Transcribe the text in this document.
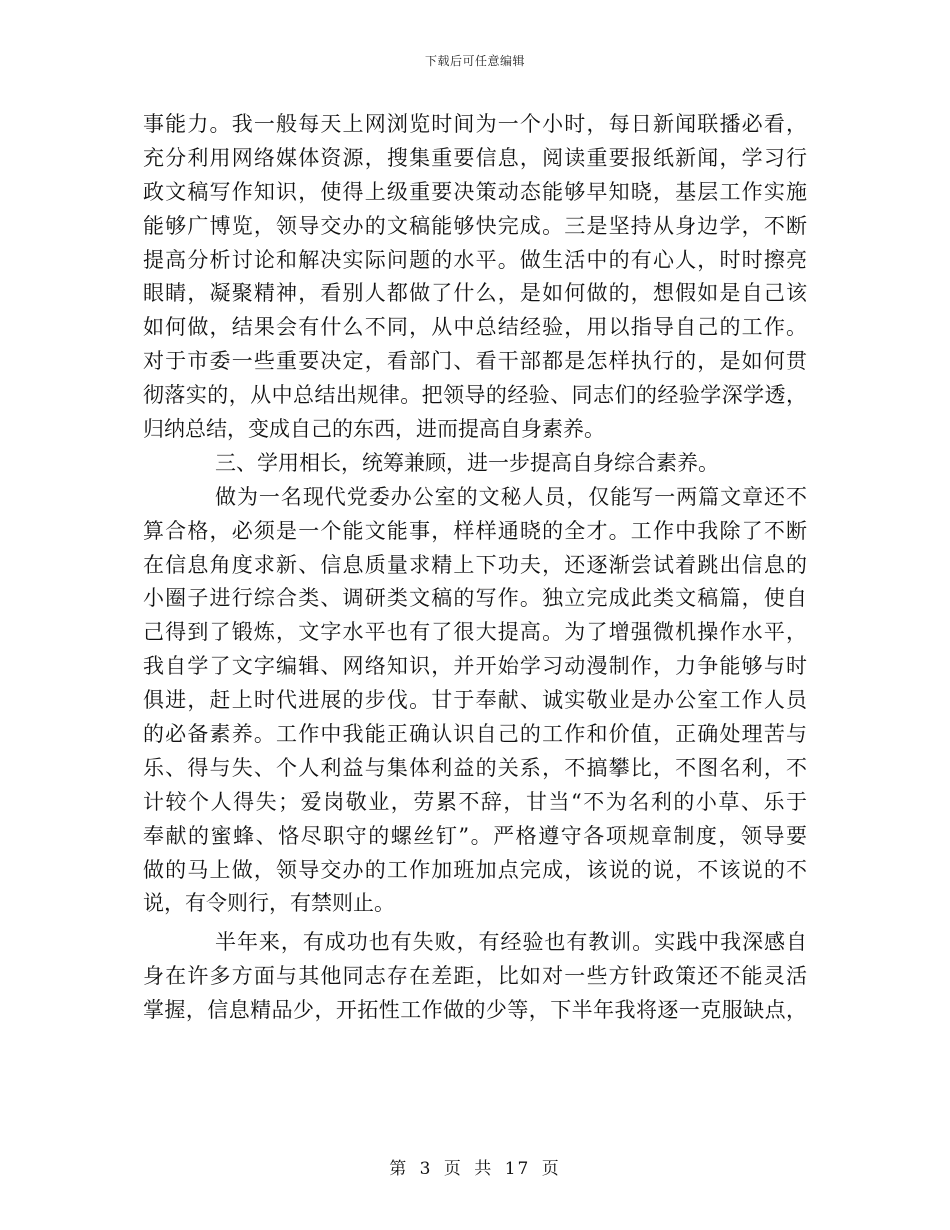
下载后可任意编辑
事能力。我一般每天上网浏览时间为一个小时，每日新闻联播必看，
充分利用网络媒体资源，搜集重要信息，阅读重要报纸新闻，学习行
政文稿写作知识，使得上级重要决策动态能够早知晓，基层工作实施
能够广博览，领导交办的文稿能够快完成。三是坚持从身边学，不断
提高分析讨论和解决实际问题的水平。做生活中的有心人，时时擦亮
眼睛，凝聚精神，看别人都做了什么，是如何做的，想假如是自己该
如何做，结果会有什么不同，从中总结经验，用以指导自己的工作。
对于市委一些重要决定，看部门、看干部都是怎样执行的，是如何贯
彻落实的，从中总结出规律。把领导的经验、同志们的经验学深学透，
归纳总结，变成自己的东西，进而提高自身素养。
三、学用相长，统筹兼顾，进一步提高自身综合素养。
做为一名现代党委办公室的文秘人员，仅能写一两篇文章还不
算合格，必须是一个能文能事，样样通晓的全才。工作中我除了不断
在信息角度求新、信息质量求精上下功夫，还逐渐尝试着跳出信息的
小圈子进行综合类、调研类文稿的写作。独立完成此类文稿篇，使自
己得到了锻炼，文字水平也有了很大提高。为了增强微机操作水平，
我自学了文字编辑、网络知识，并开始学习动漫制作，力争能够与时
俱进，赶上时代进展的步伐。甘于奉献、诚实敬业是办公室工作人员
的必备素养。工作中我能正确认识自己的工作和价值，正确处理苦与
乐、得与失、个人利益与集体利益的关系，不搞攀比，不图名利，不
计较个人得失；爱岗敬业，劳累不辞，甘当“不为名利的小草、乐于
奉献的蜜蜂、恪尽职守的螺丝钉”。严格遵守各项规章制度，领导要
做的马上做，领导交办的工作加班加点完成，该说的说，不该说的不
说，有令则行，有禁则止。
半年来，有成功也有失败，有经验也有教训。实践中我深感自
身在许多方面与其他同志存在差距，比如对一些方针政策还不能灵活
掌握，信息精品少，开拓性工作做的少等，下半年我将逐一克服缺点，
第 3 页 共 17 页
